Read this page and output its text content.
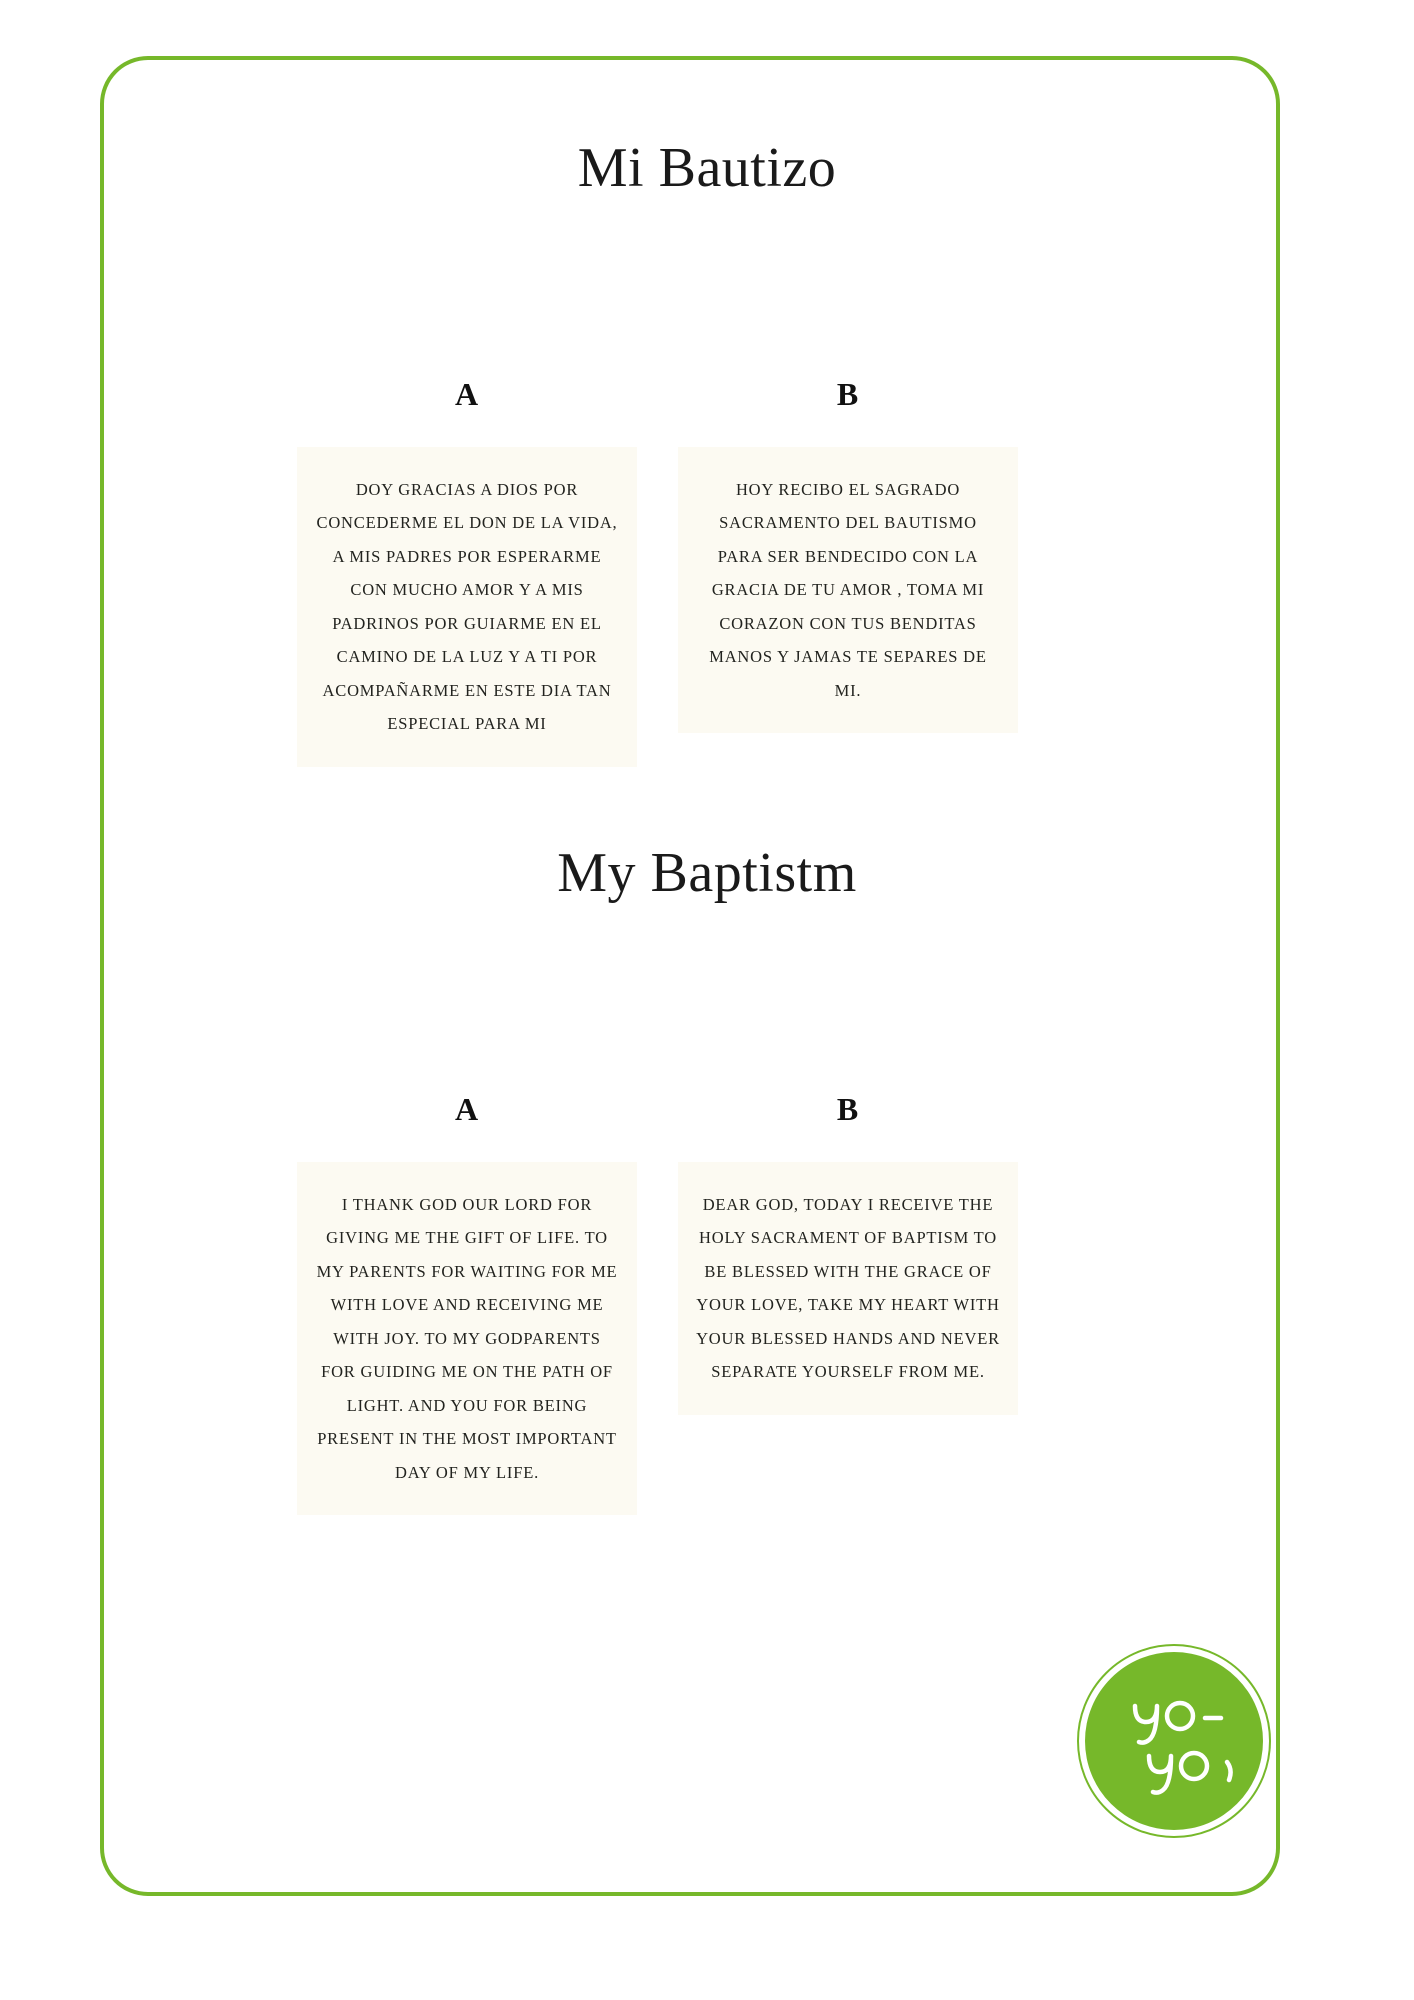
Mi Bautizo
A

DOY GRACIAS A DIOS POR CONCEDERME EL DON DE LA VIDA, A MIS PADRES POR ESPERARME CON MUCHO AMOR Y A MIS PADRINOS POR GUIARME EN EL CAMINO DE LA LUZ Y A TI POR ACOMPAÑARME EN ESTE DIA TAN ESPECIAL PARA MI

B

HOY RECIBO EL SAGRADO SACRAMENTO DEL BAUTISMO PARA SER BENDECIDO CON LA GRACIA DE TU AMOR , TOMA MI CORAZON CON TUS BENDITAS MANOS Y JAMAS TE SEPARES DE MI.

My Baptistm
A

I THANK GOD OUR LORD FOR GIVING ME THE GIFT OF LIFE. TO MY PARENTS FOR WAITING FOR ME WITH LOVE AND RECEIVING ME WITH JOY. TO MY GODPARENTS FOR GUIDING ME ON THE PATH OF LIGHT. AND YOU FOR BEING PRESENT IN THE MOST IMPORTANT DAY OF MY LIFE.

B

DEAR GOD, TODAY I RECEIVE THE HOLY SACRAMENT OF BAPTISM TO BE BLESSED WITH THE GRACE OF YOUR LOVE, TAKE MY HEART WITH YOUR BLESSED HANDS AND NEVER SEPARATE YOURSELF FROM ME.
